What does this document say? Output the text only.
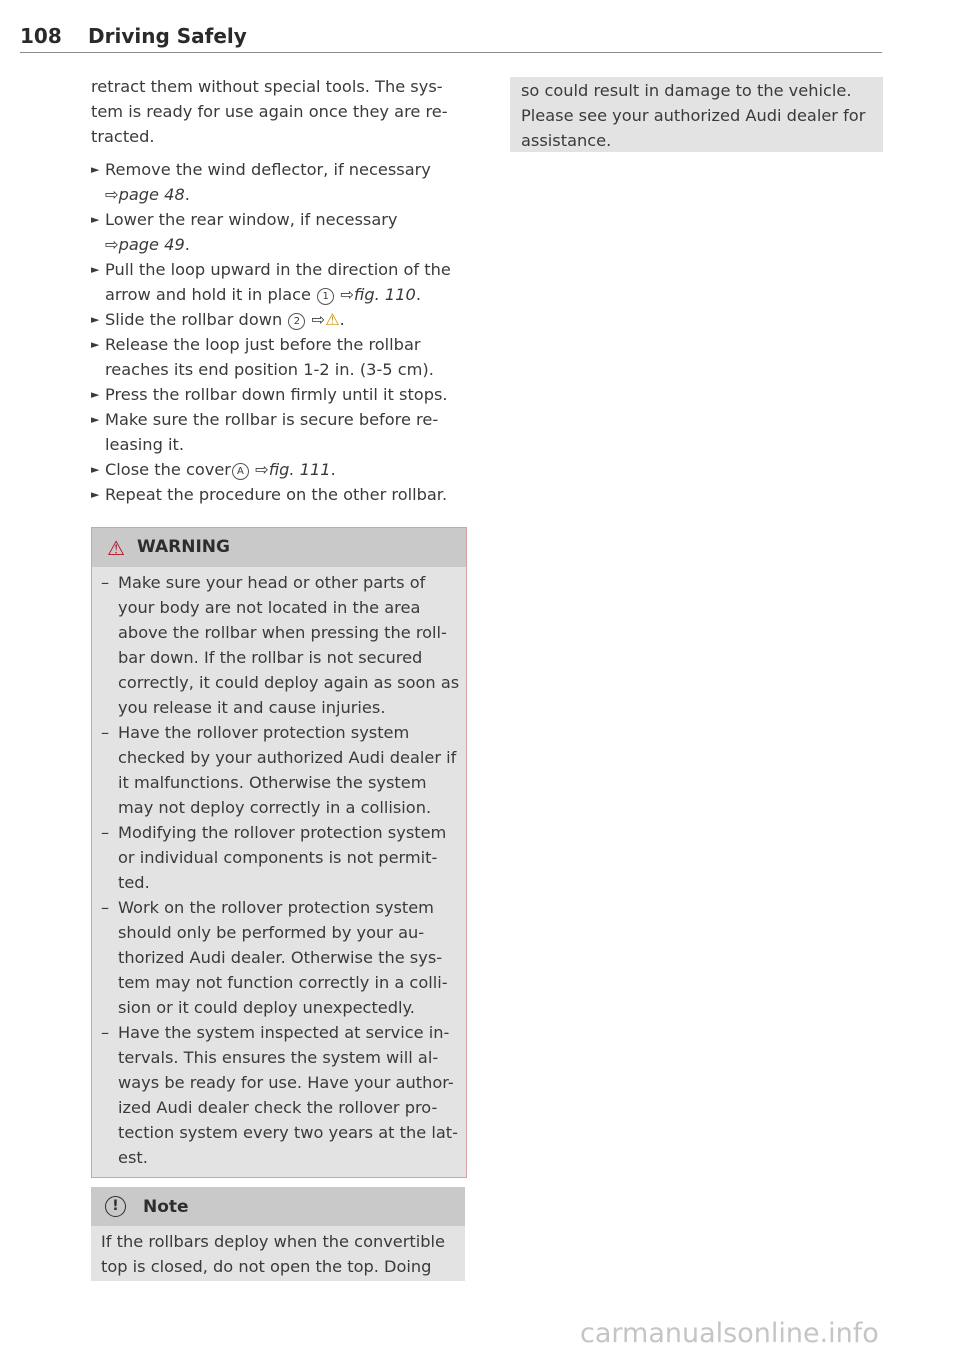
108 Driving Safely
retract them without special tools. The sys-
tem is ready for use again once they are re-
tracted.
► Remove the wind deflector, if necessary
⇨page 48.
► Lower the rear window, if necessary
⇨page 49.
► Pull the loop upward in the direction of the
arrow and hold it in place 1 ⇨fig. 110.
► Slide the rollbar down 2 ⇨⚠.
► Release the loop just before the rollbar
reaches its end position 1-2 in. (3-5 cm).
► Press the rollbar down firmly until it stops.
► Make sure the rollbar is secure before re-
leasing it.
► Close the cover A ⇨fig. 111.
► Repeat the procedure on the other rollbar.
⚠ WARNING
– Make sure your head or other parts of
your body are not located in the area
above the rollbar when pressing the roll-
bar down. If the rollbar is not secured
correctly, it could deploy again as soon as
you release it and cause injuries.
– Have the rollover protection system
checked by your authorized Audi dealer if
it malfunctions. Otherwise the system
may not deploy correctly in a collision.
– Modifying the rollover protection system
or individual components is not permit-
ted.
– Work on the rollover protection system
should only be performed by your au-
thorized Audi dealer. Otherwise the sys-
tem may not function correctly in a colli-
sion or it could deploy unexpectedly.
– Have the system inspected at service in-
tervals. This ensures the system will al-
ways be ready for use. Have your author-
ized Audi dealer check the rollover pro-
tection system every two years at the lat-
est.
!	Note
If the rollbars deploy when the convertible
top is closed, do not open the top. Doing
so could result in damage to the vehicle.
Please see your authorized Audi dealer for
assistance.
carmanualsonline.info
